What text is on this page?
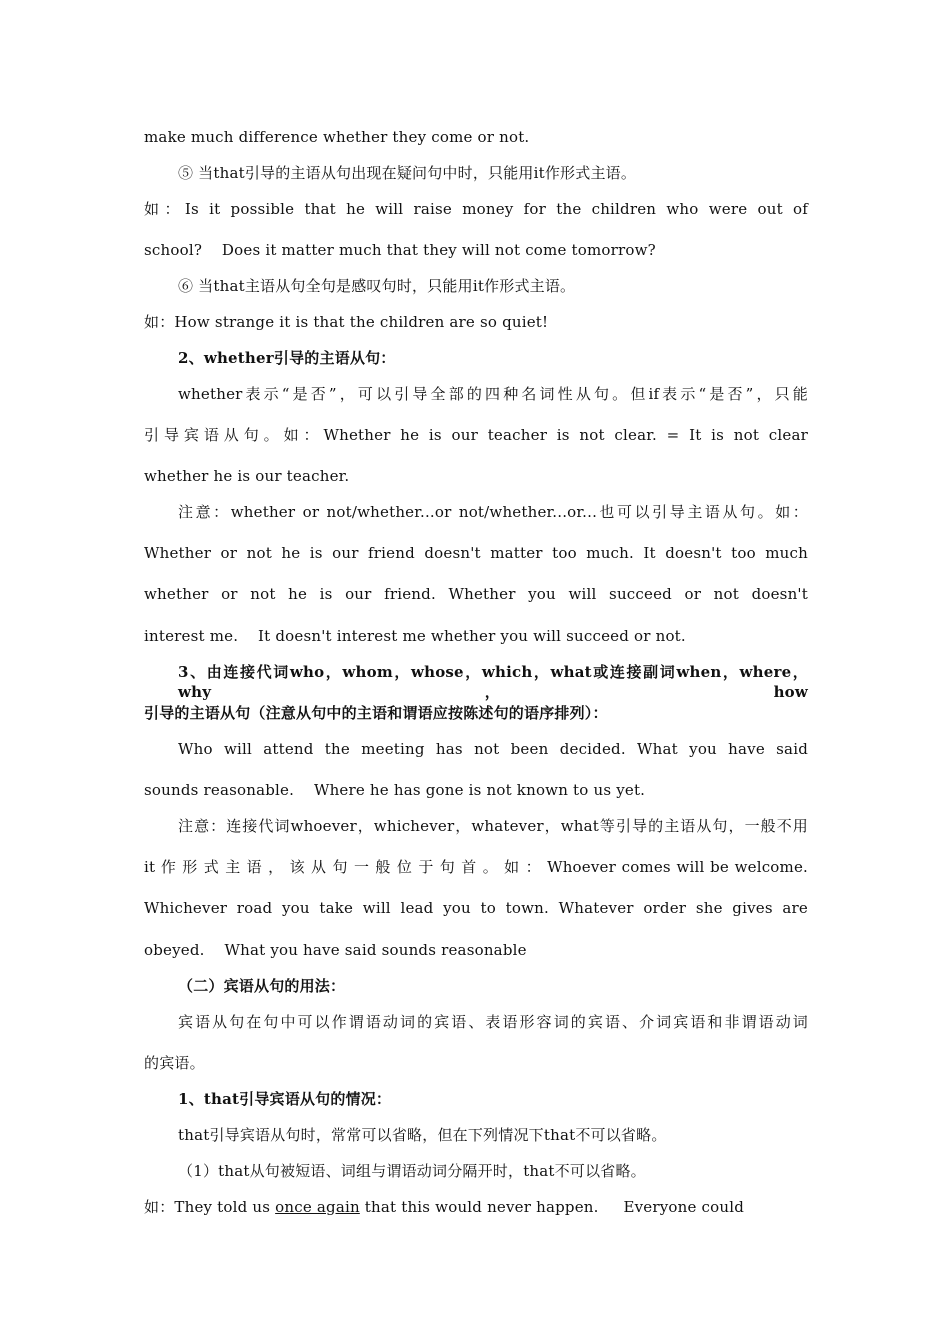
make much difference whether they come or not.
⑤ 当that引导的主语从句出现在疑问句中时，只能用it作形式主语。
如：Is it possible that he will raise money for the children who were out of
school?    Does it matter much that they will not come tomorrow?
⑥ 当that主语从句全句是感叹句时，只能用it作形式主语。
如：How strange it is that the children are so quiet!
2、whether引导的主语从句：
whether表示“是否”，可以引导全部的四种名词性从句。但if表示“是否”，只能
引导宾语从句。如：Whether he is our teacher is not clear. = It is not clear
whether he is our teacher.
注意：whether or not/whether...or not/whether...or...也可以引导主语从句。如：
Whether or not he is our friend doesn't matter too much. It doesn't too much
whether or not he is our friend. Whether you will succeed or not doesn't
interest me.    It doesn't interest me whether you will succeed or not.
3、由连接代词who，whom，whose，which，what或连接副词when，where，why，how
引导的主语从句（注意从句中的主语和谓语应按陈述句的语序排列）：
Who will attend the meeting has not been decided. What you have said
sounds reasonable.    Where he has gone is not known to us yet.
注意：连接代词whoever，whichever，whatever，what等引导的主语从句，一般不用
it 作 形 式 主 语 ， 该 从 句 一 般 位 于 句 首 。 如 ： Whoever comes will be welcome.
Whichever road you take will lead you to town. Whatever order she gives are
obeyed.    What you have said sounds reasonable
（二）宾语从句的用法：
宾语从句在句中可以作谓语动词的宾语、表语形容词的宾语、介词宾语和非谓语动词
的宾语。
1、that引导宾语从句的情况：
that引导宾语从句时，常常可以省略，但在下列情况下that不可以省略。
（1）that从句被短语、词组与谓语动词分隔开时，that不可以省略。
如：They told us once again that this would never happen.     Everyone could
